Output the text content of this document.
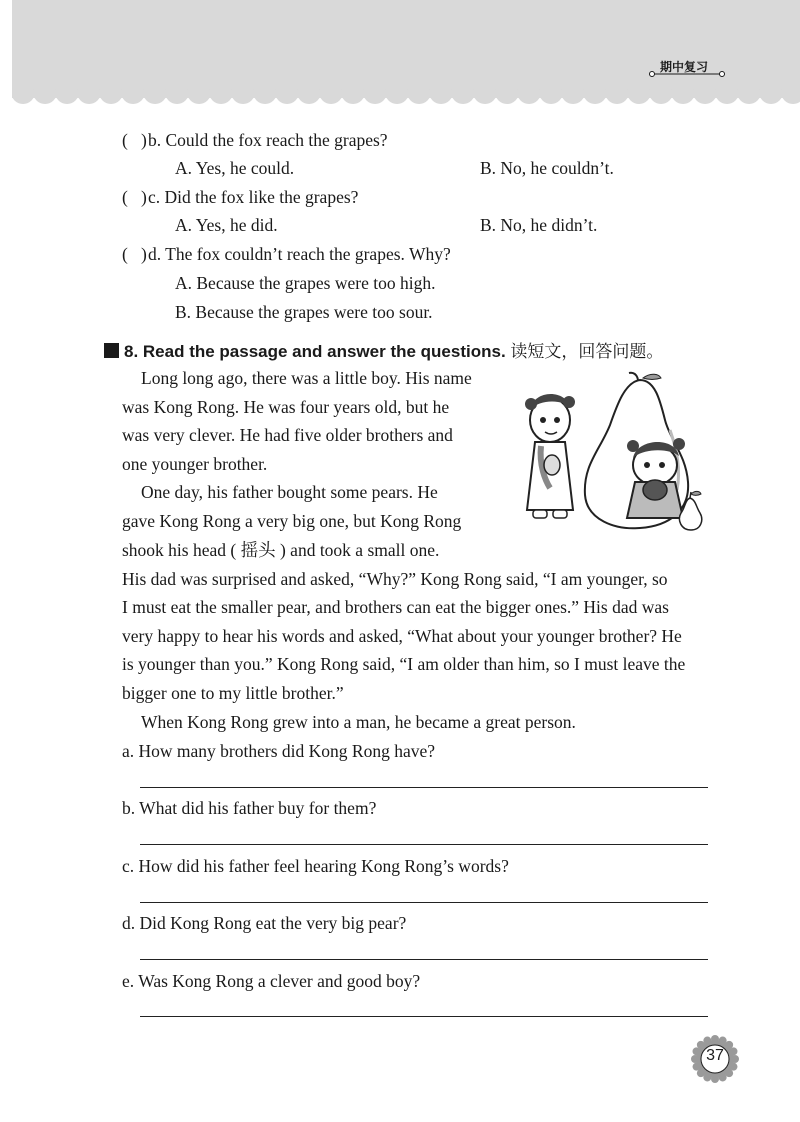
期中复习
( ) b. Could the fox reach the grapes?
A. Yes, he could.	B. No, he couldn’t.
( ) c. Did the fox like the grapes?
A. Yes, he did.	B. No, he didn’t.
( ) d. The fox couldn’t reach the grapes. Why?
A. Because the grapes were too high.
B. Because the grapes were too sour.
8. Read the passage and answer the questions. 读短文，回答问题。
Long long ago, there was a little boy. His name
was Kong Rong. He was four years old, but he
was very clever. He had five older brothers and
one younger brother.
One day, his father bought some pears. He
gave Kong Rong a very big one, but Kong Rong
shook his head ( 摇头 ) and took a small one.
His dad was surprised and asked, “Why?” Kong Rong said, “I am younger, so
I must eat the smaller pear, and brothers can eat the bigger ones.” His dad was
very happy to hear his words and asked, “What about your younger brother? He
is younger than you.” Kong Rong said, “I am older than him, so I must leave the
bigger one to my little brother.”
When Kong Rong grew into a man, he became a great person.
a. How many brothers did Kong Rong have?
b. What did his father buy for them?
c. How did his father feel hearing Kong Rong’s words?
d. Did Kong Rong eat the very big pear?
e. Was Kong Rong a clever and good boy?
37
